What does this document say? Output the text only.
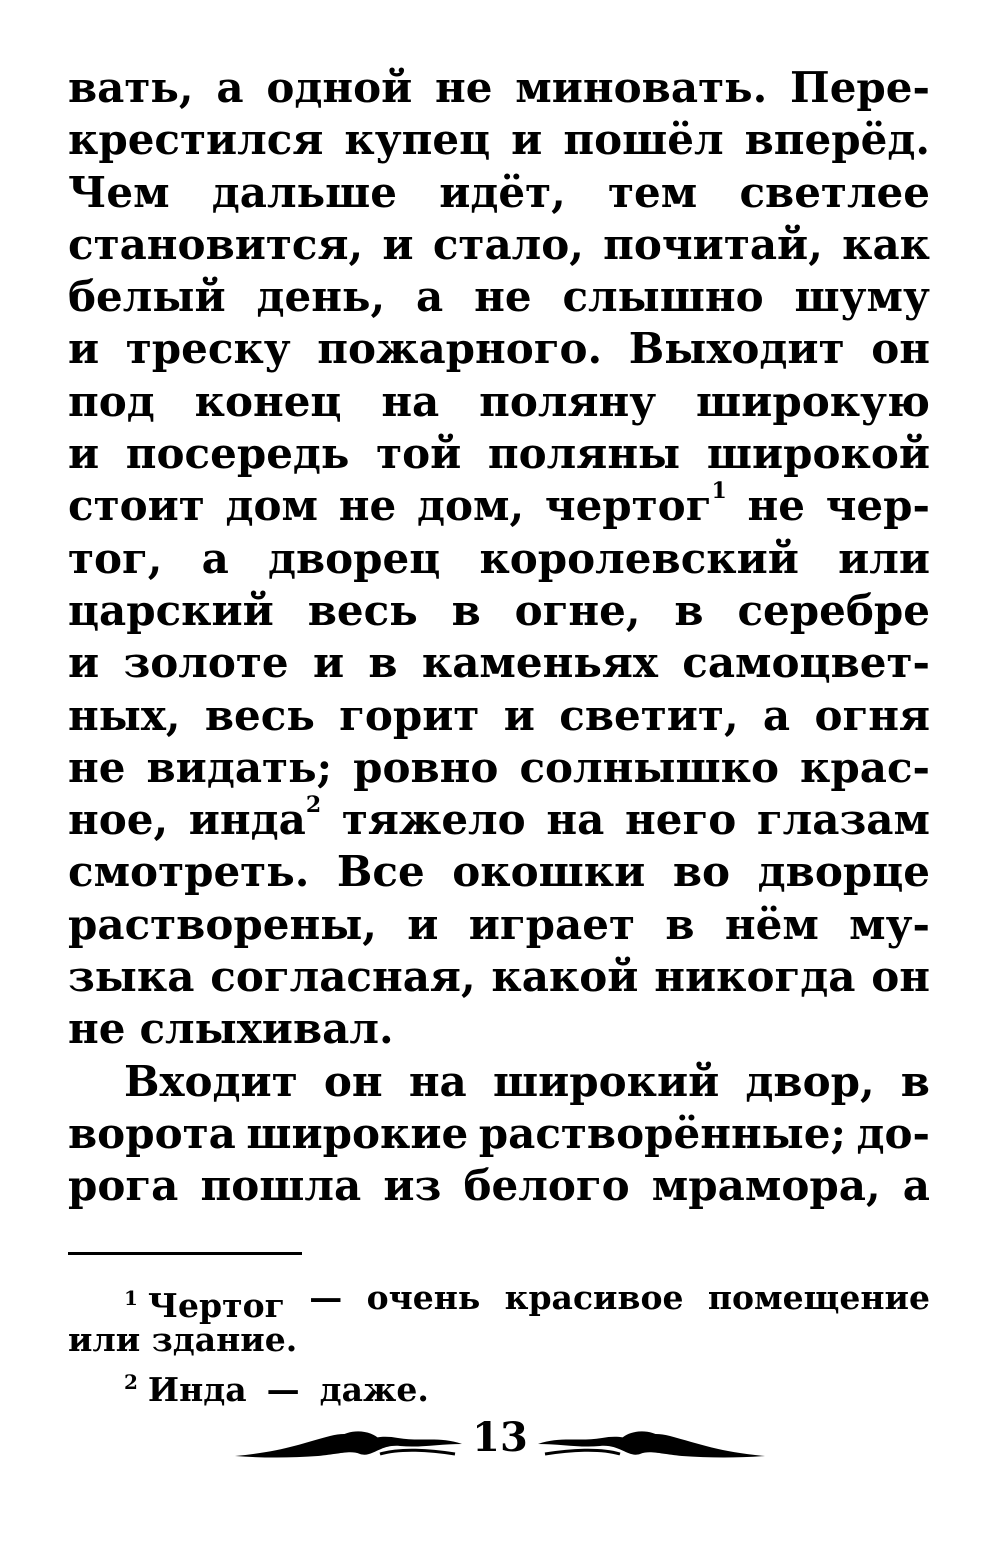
вать, а одной не миновать. Пере-
крестился купец и пошёл вперёд.
Чем дальше идёт, тем светлее
становится, и стало, почитай, как
белый день, а не слышно шуму
и треску пожарного. Выходит он
под конец на поляну широкую
и посередь той поляны широкой
стоит дом не дом, чертог$^1$ не чер-
тог, а дворец королевский или
царский весь в огне, в серебре
и золоте и в каменьях самоцвет-
ных, весь горит и светит, а огня
не видать; ровно солнышко крас-
ное, инда$^2$ тяжело на него глазам
смотреть. Все окошки во дворце
растворены, и играет в нём му-
зыка согласная, какой никогда он
не слыхивал.
Входит он на широкий двор, в
ворота широкие растворённые; до-
рога пошла из белого мрамора, а
$^1$ Чертог — очень красивое помещение
или здание.
$^2$ Инда — даже.
13
